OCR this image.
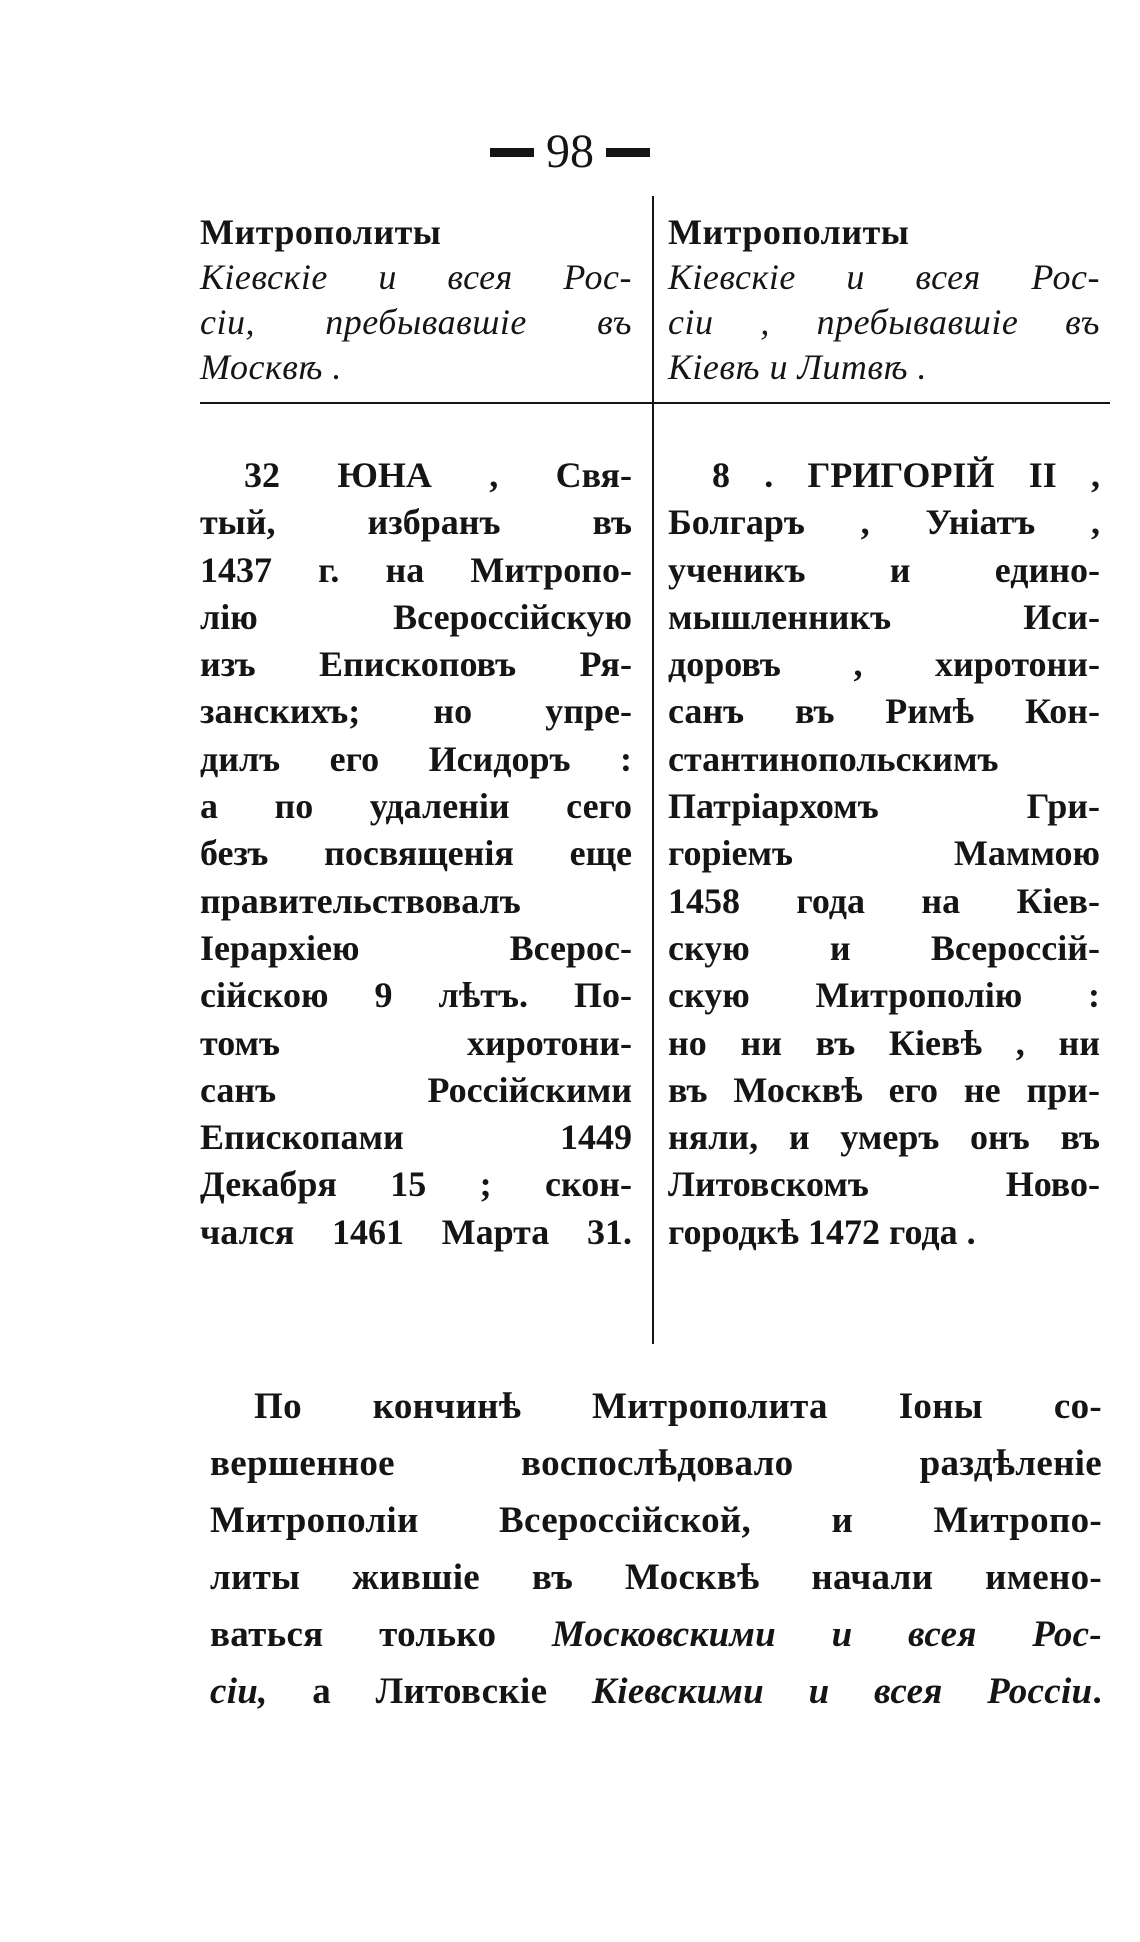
98
Митрополиты
Кіевскіе и всея Рос-
сіи, пребывавшіе въ
Москвѣ .
Митрополиты
Кіевскіе и всея Рос-
сіи , пребывавшіе въ
Кіевѣ и Литвѣ .
32 ЮНА , Свя-
тый, избранъ въ
1437 г. на Митропо-
лію Всероссійскую
изъ Епископовъ Ря-
занскихъ; но упре-
дилъ его Исидоръ :
а по удаленіи сего
безъ посвященія еще
правительствовалъ
Іерархіею Всерос-
сійскою 9 лѣтъ. По-
томъ хиротони-
санъ Россійскими
Епископами 1449
Декабря 15 ; скон-
чался 1461 Марта 31.
8 . ГРИГОРІЙ II ,
Болгаръ , Уніатъ ,
ученикъ и едино-
мышленникъ Иси-
доровъ , хиротони-
санъ въ Римѣ Кон-
стантинопольскимъ
Патріархомъ Гри-
горіемъ Маммою
1458 года на Кіев-
скую и Всероссій-
скую Митрополію :
но ни въ Кіевѣ , ни
въ Москвѣ его не при-
няли, и умеръ онъ въ
Литовскомъ Ново-
городкѣ 1472 года .
По кончинѣ Митрополита Іоны со-
вершенное воспослѣдовало раздѣленіе
Митрополіи Всероссійской, и Митропо-
литы жившіе въ Москвѣ начали имено-
ваться только Московскими и всея Рос-
сіи, а Литовскіе Кіевскими и всея Россіи.
